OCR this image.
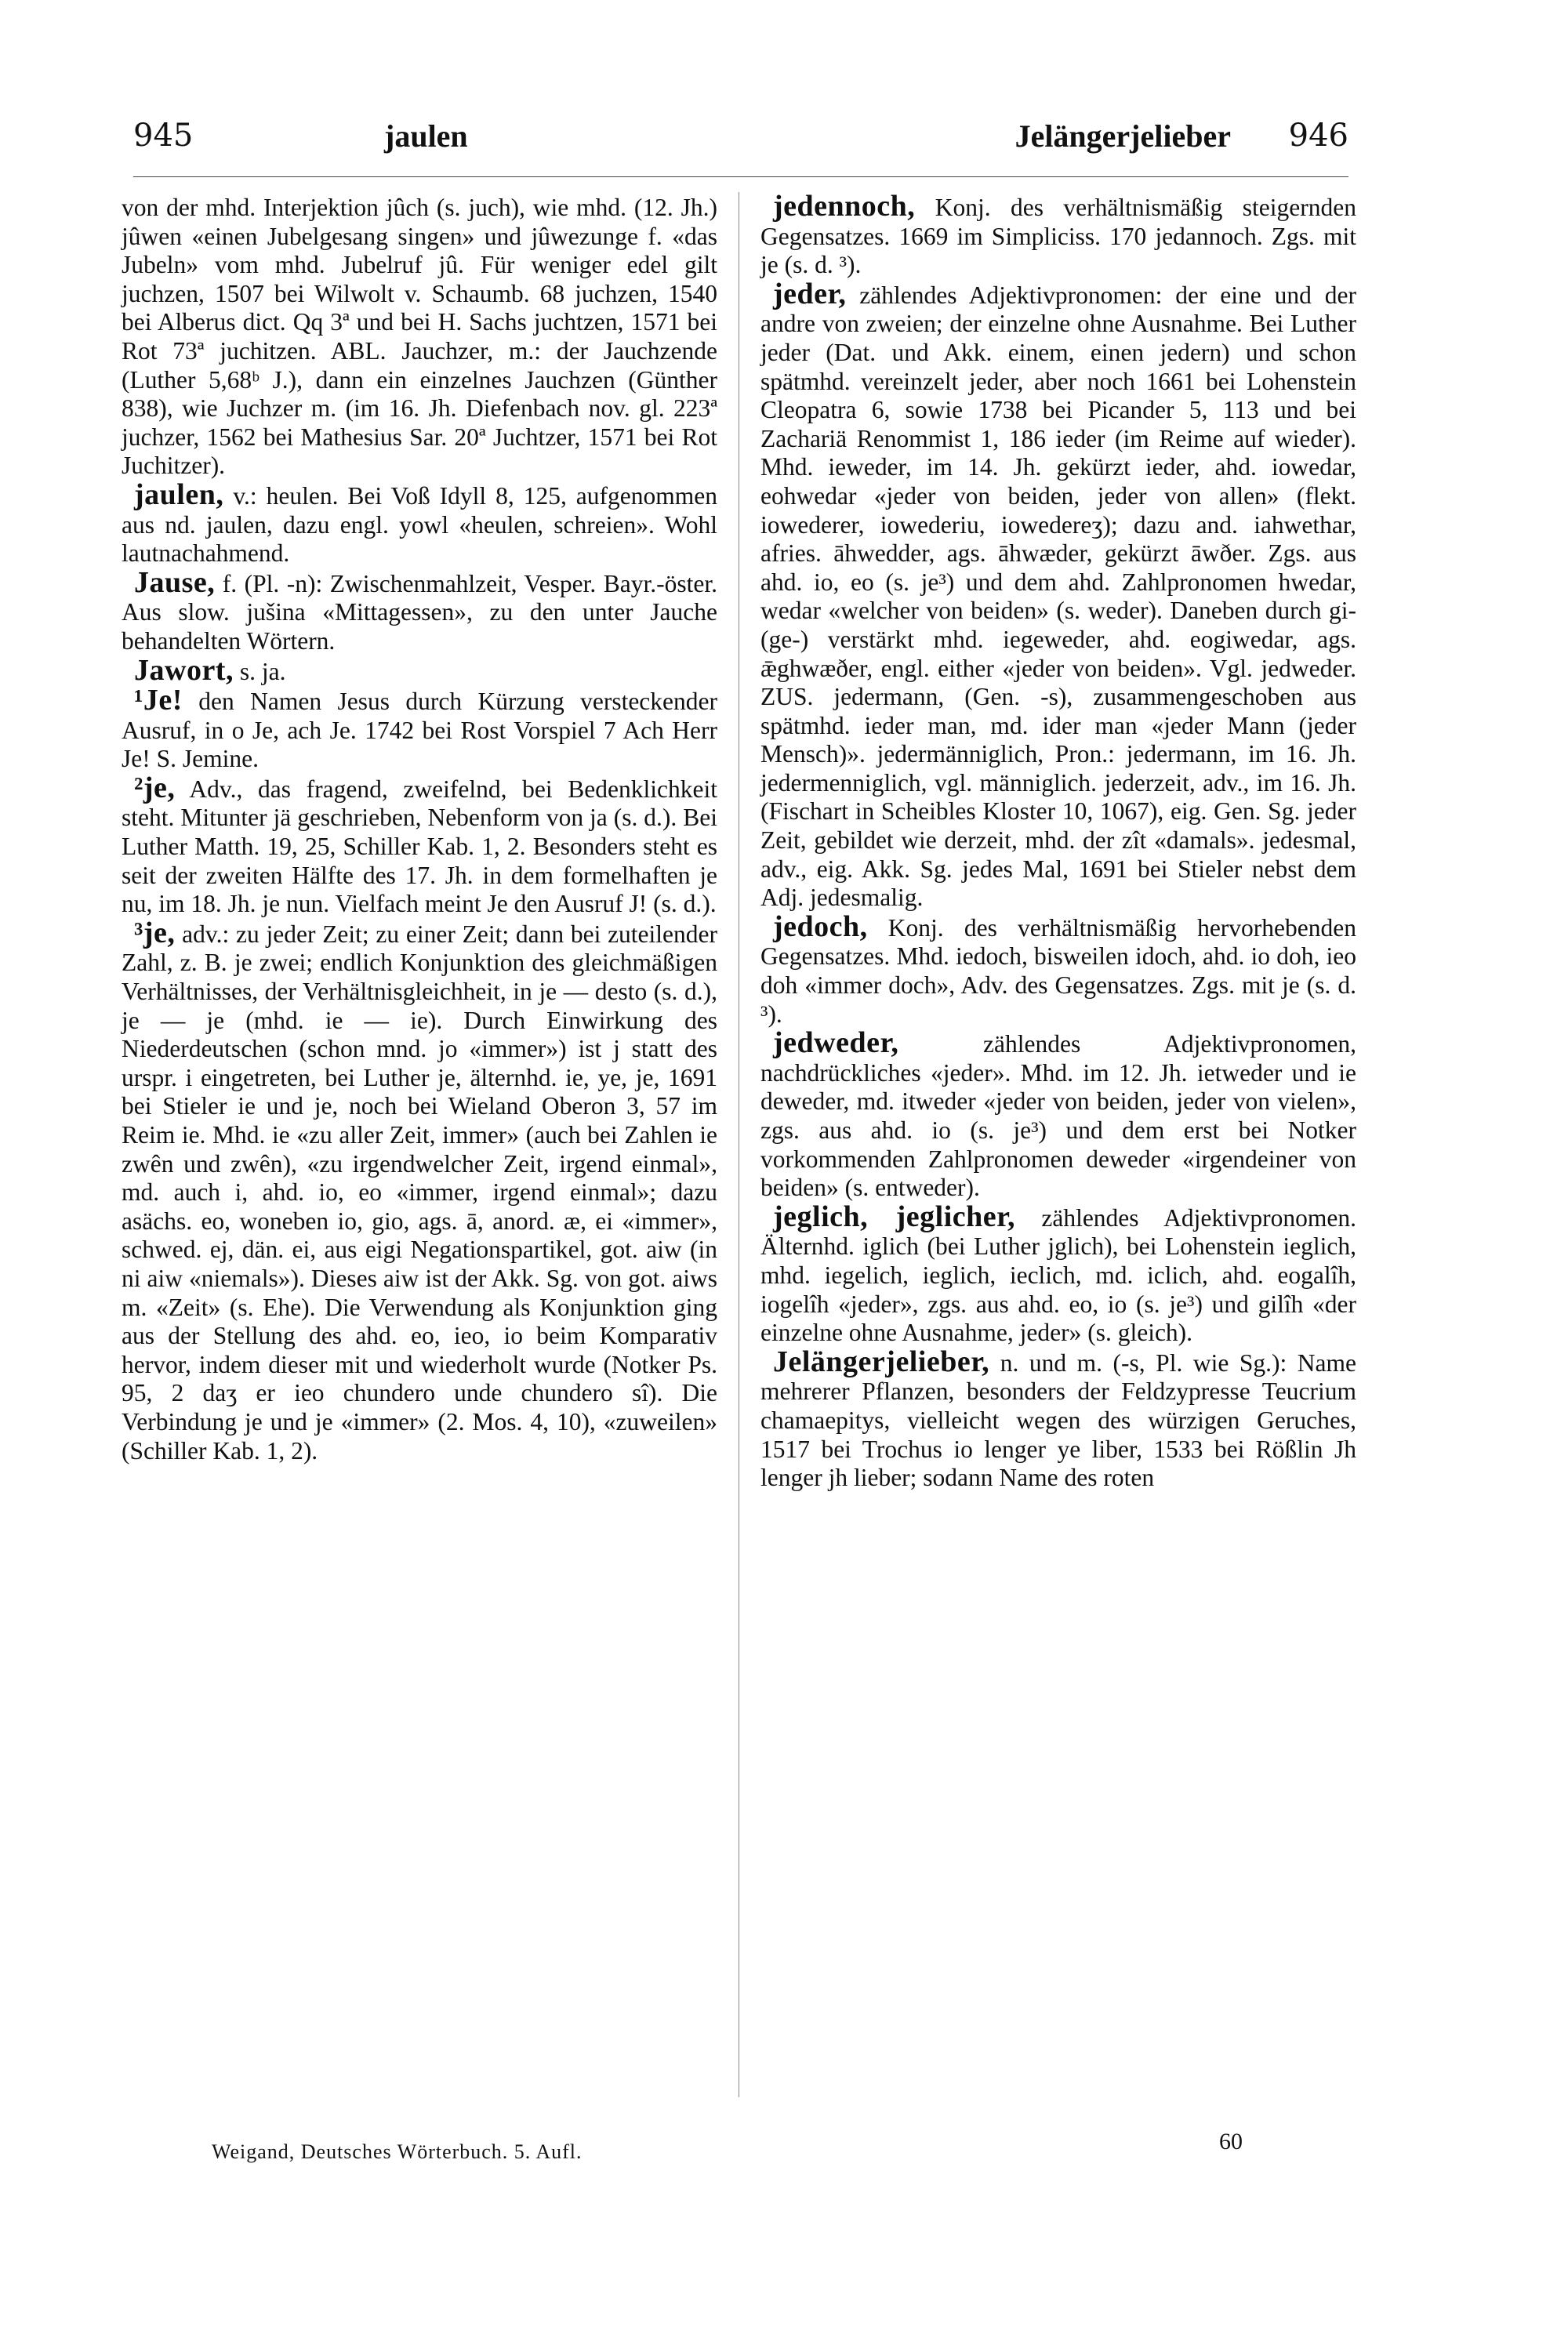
945	jaulen	Jelängerjelieber 946

von der mhd. Interjektion jûch (s. juch), wie mhd. (12. Jh.) jûwen «einen Jubelgesang singen» und jûwezunge f. «das Jubeln» vom mhd. Jubelruf jû. Für weniger edel gilt juchzen, 1507 bei Wilwolt v. Schaumb. 68 juchzen, 1540 bei Alberus dict. Qq 3ª und bei H. Sachs juchtzen, 1571 bei Rot 73ª juchitzen. ABL. Jauchzer, m.: der Jauchzende (Luther 5,68ᵇ J.), dann ein einzelnes Jauchzen (Günther 838), wie Juchzer m. (im 16. Jh. Diefenbach nov. gl. 223ª juchzer, 1562 bei Mathesius Sar. 20ª Juchtzer, 1571 bei Rot Juchitzer).

jaulen, v.: heulen. Bei Voß Idyll 8, 125, aufgenommen aus nd. jaulen, dazu engl. yowl «heulen, schreien». Wohl lautnachahmend.

Jause, f. (Pl. -n): Zwischenmahlzeit, Vesper. Bayr.-öster. Aus slow. jušina «Mittagessen», zu den unter Jauche behandelten Wörtern.

Jawort, s. ja.

¹Je! den Namen Jesus durch Kürzung versteckender Ausruf, in o Je, ach Je. 1742 bei Rost Vorspiel 7 Ach Herr Je! S. Jemine.

²je, Adv., das fragend, zweifelnd, bei Bedenklichkeit steht. Mitunter jä geschrieben, Nebenform von ja (s. d.). Bei Luther Matth. 19, 25, Schiller Kab. 1, 2. Besonders steht es seit der zweiten Hälfte des 17. Jh. in dem formelhaften je nu, im 18. Jh. je nun. Vielfach meint Je den Ausruf J! (s. d.).

³je, adv.: zu jeder Zeit; zu einer Zeit; dann bei zuteilender Zahl, z. B. je zwei; endlich Konjunktion des gleichmäßigen Verhältnisses, der Verhältnisgleichheit, in je — desto (s. d.), je — je (mhd. ie — ie). Durch Einwirkung des Niederdeutschen (schon mnd. jo «immer») ist j statt des urspr. i eingetreten, bei Luther je, älternhd. ie, ye, je, 1691 bei Stieler ie und je, noch bei Wieland Oberon 3, 57 im Reim ie. Mhd. ie «zu aller Zeit, immer» (auch bei Zahlen ie zwên und zwên), «zu irgendwelcher Zeit, irgend einmal», md. auch i, ahd. io, eo «immer, irgend einmal»; dazu asächs. eo, woneben io, gio, ags. ā, anord. æ, ei «immer», schwed. ej, dän. ei, aus eigi Negationspartikel, got. aiw (in ni aiw «niemals»). Dieses aiw ist der Akk. Sg. von got. aiws m. «Zeit» (s. Ehe). Die Verwendung als Konjunktion ging aus der Stellung des ahd. eo, ieo, io beim Komparativ hervor, indem dieser mit und wiederholt wurde (Notker Ps. 95, 2 daʒ er ieo chundero unde chundero sî). Die Verbindung je und je «immer» (2. Mos. 4, 10), «zuweilen» (Schiller Kab. 1, 2).

jedennoch, Konj. des verhältnismäßig steigernden Gegensatzes. 1669 im Simpliciss. 170 jedannoch. Zgs. mit je (s. d. ³).

jeder, zählendes Adjektivpronomen: der eine und der andre von zweien; der einzelne ohne Ausnahme. Bei Luther jeder (Dat. und Akk. einem, einen jedern) und schon spätmhd. vereinzelt jeder, aber noch 1661 bei Lohenstein Cleopatra 6, sowie 1738 bei Picander 5, 113 und bei Zachariä Renommist 1, 186 ieder (im Reime auf wieder). Mhd. ieweder, im 14. Jh. gekürzt ieder, ahd. iowedar, eohwedar «jeder von beiden, jeder von allen» (flekt. iowederer, iowederiu, iowedereʒ); dazu and. iahwethar, afries. āhwedder, ags. āhwæder, gekürzt āwðer. Zgs. aus ahd. io, eo (s. je³) und dem ahd. Zahlpronomen hwedar, wedar «welcher von beiden» (s. weder). Daneben durch gi- (ge-) verstärkt mhd. iegeweder, ahd. eogiwedar, ags. ǣghwæðer, engl. either «jeder von beiden». Vgl. jedweder. ZUS. jedermann, (Gen. -s), zusammengeschoben aus spätmhd. ieder man, md. ider man «jeder Mann (jeder Mensch)». jedermänniglich, Pron.: jedermann, im 16. Jh. jedermenniglich, vgl. männiglich. jederzeit, adv., im 16. Jh. (Fischart in Scheibles Kloster 10, 1067), eig. Gen. Sg. jeder Zeit, gebildet wie derzeit, mhd. der zît «damals». jedesmal, adv., eig. Akk. Sg. jedes Mal, 1691 bei Stieler nebst dem Adj. jedesmalig.

jedoch, Konj. des verhältnismäßig hervorhebenden Gegensatzes. Mhd. iedoch, bisweilen idoch, ahd. io doh, ieo doh «immer doch», Adv. des Gegensatzes. Zgs. mit je (s. d. ³).

jedweder, zählendes Adjektivpronomen, nachdrückliches «jeder». Mhd. im 12. Jh. ietweder und ie deweder, md. itweder «jeder von beiden, jeder von vielen», zgs. aus ahd. io (s. je³) und dem erst bei Notker vorkommenden Zahlpronomen deweder «irgendeiner von beiden» (s. entweder).

jeglich, jeglicher, zählendes Adjektivpronomen. Älternhd. iglich (bei Luther jglich), bei Lohenstein ieglich, mhd. iegelich, ieglich, ieclich, md. iclich, ahd. eogalîh, iogelîh «jeder», zgs. aus ahd. eo, io (s. je³) und gilîh «der einzelne ohne Ausnahme, jeder» (s. gleich).

Jelängerjelieber, n. und m. (-s, Pl. wie Sg.): Name mehrerer Pflanzen, besonders der Feldzypresse Teucrium chamaepitys, vielleicht wegen des würzigen Geruches, 1517 bei Trochus io lenger ye liber, 1533 bei Rößlin Jh lenger jh lieber; sodann Name des roten

Weigand, Deutsches Wörterbuch. 5. Aufl.	60
